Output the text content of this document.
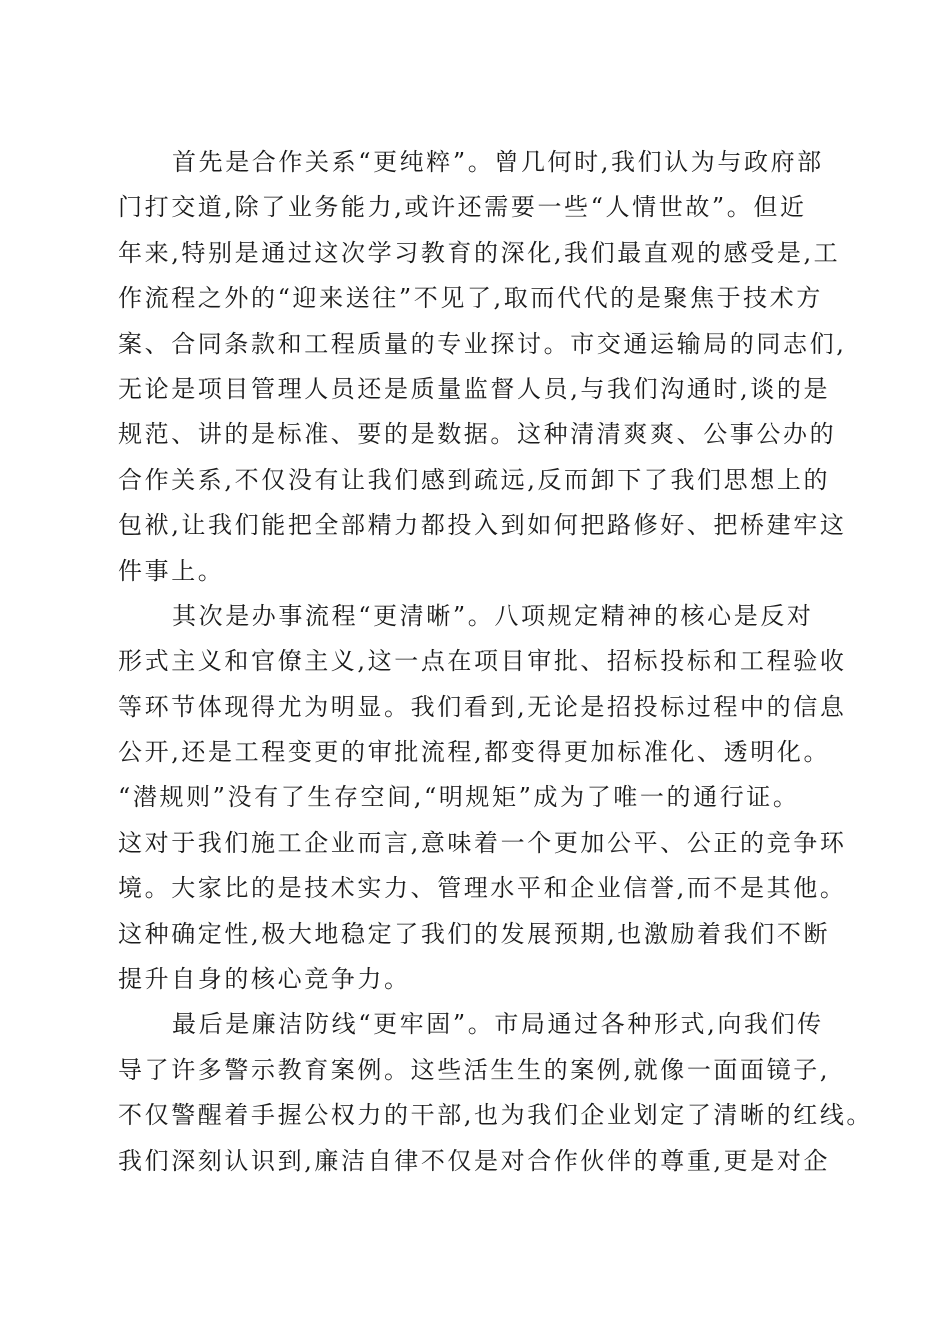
首先是合作关系“更纯粹”。曾几何时,我们认为与政府部
门打交道,除了业务能力,或许还需要一些“人情世故”。但近
年来,特别是通过这次学习教育的深化,我们最直观的感受是,工
作流程之外的“迎来送往”不见了,取而代代的是聚焦于技术方
案、合同条款和工程质量的专业探讨。市交通运输局的同志们,
无论是项目管理人员还是质量监督人员,与我们沟通时,谈的是
规范、讲的是标准、要的是数据。这种清清爽爽、公事公办的
合作关系,不仅没有让我们感到疏远,反而卸下了我们思想上的
包袱,让我们能把全部精力都投入到如何把路修好、把桥建牢这
件事上。
其次是办事流程“更清晰”。八项规定精神的核心是反对
形式主义和官僚主义,这一点在项目审批、招标投标和工程验收
等环节体现得尤为明显。我们看到,无论是招投标过程中的信息
公开,还是工程变更的审批流程,都变得更加标准化、透明化。
“潜规则”没有了生存空间,“明规矩”成为了唯一的通行证。
这对于我们施工企业而言,意味着一个更加公平、公正的竞争环
境。大家比的是技术实力、管理水平和企业信誉,而不是其他。
这种确定性,极大地稳定了我们的发展预期,也激励着我们不断
提升自身的核心竞争力。
最后是廉洁防线“更牢固”。市局通过各种形式,向我们传
导了许多警示教育案例。这些活生生的案例,就像一面面镜子,
不仅警醒着手握公权力的干部,也为我们企业划定了清晰的红线。
我们深刻认识到,廉洁自律不仅是对合作伙伴的尊重,更是对企
